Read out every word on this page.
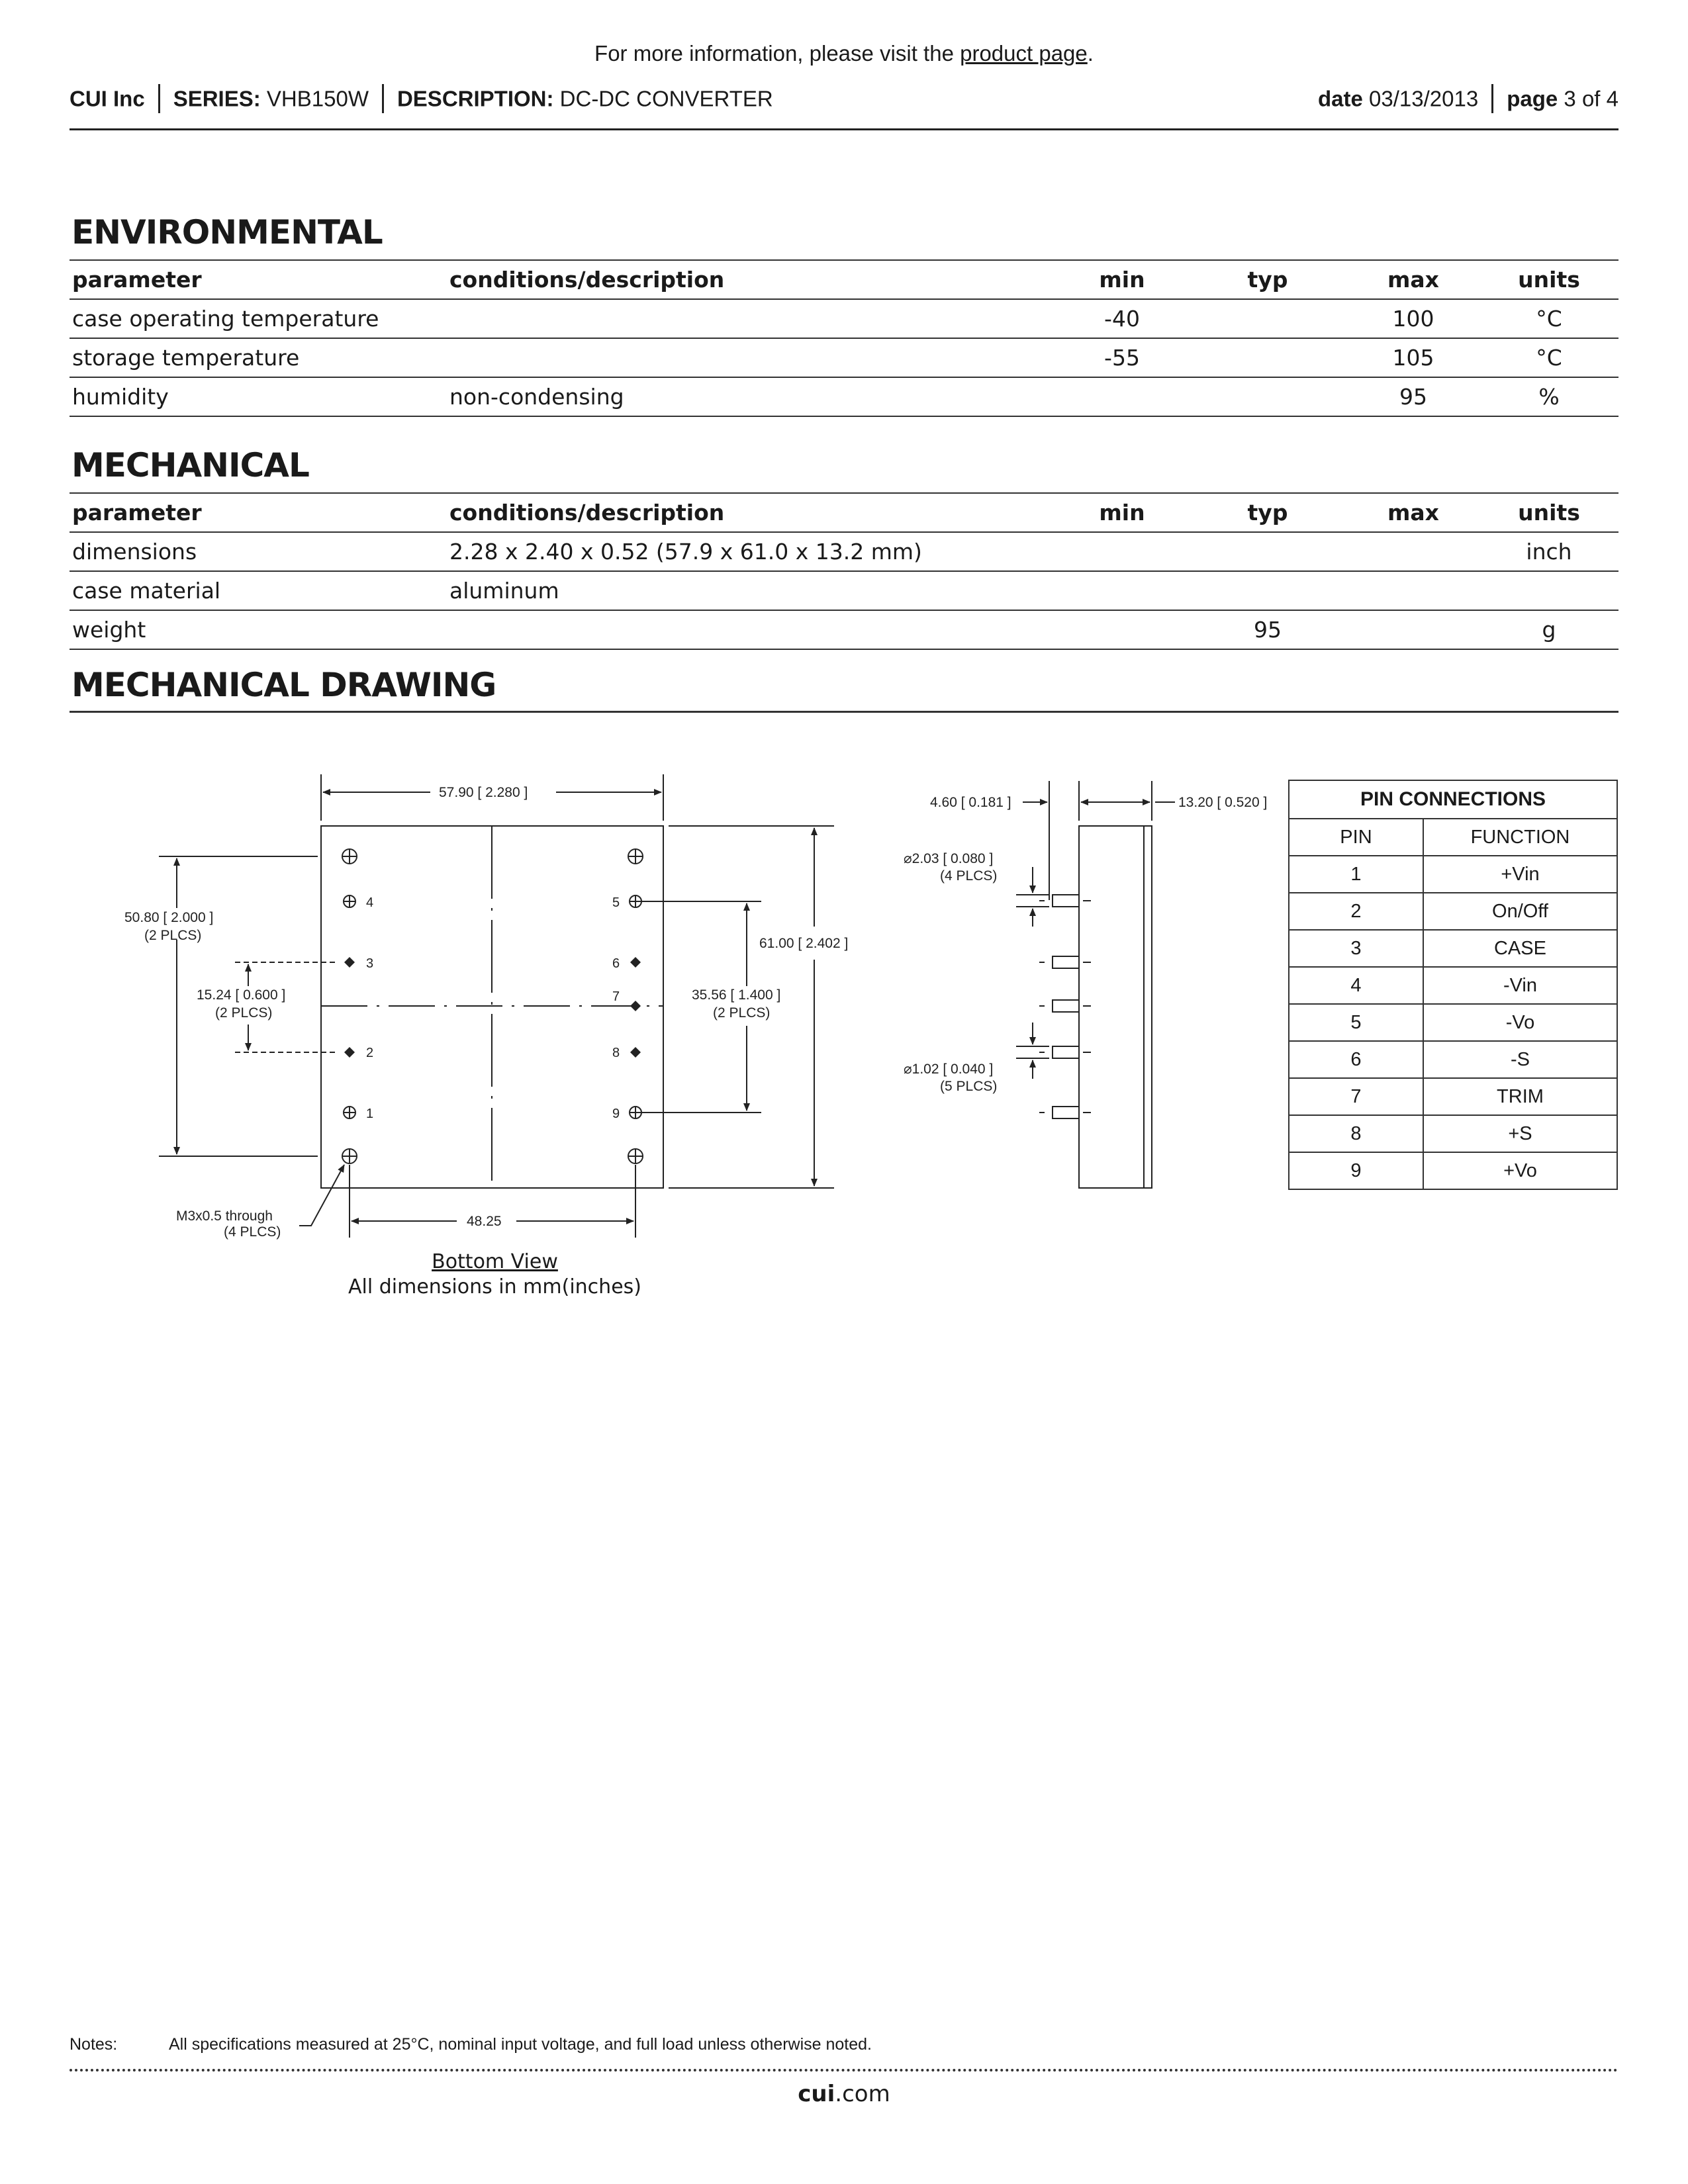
For more information, please visit the product page.
CUI Inc SERIES: VHB150W DESCRIPTION: DC-DC CONVERTER	date 03/13/2013 page 3 of 4
ENVIRONMENTAL
parameter	conditions/description	min	typ	max	units
case operating temperature		-40		100	°C
storage temperature		-55		105	°C
humidity	non-condensing			95	%
MECHANICAL
parameter	conditions/description	min	typ	max	units
dimensions	2.28 x 2.40 x 0.52 (57.9 x 61.0 x 13.2 mm)				inch
case material	aluminum				
weight			95		g
MECHANICAL DRAWING
1
2
3
4	5
6
7
8
9
57.90 [ 2.280 ]
50.80 [ 2.000 ]
(2 PLCS)
15.24 [ 0.600 ]
(2 PLCS)
61.00 [ 2.402 ]
35.56 [ 1.400 ]
(2 PLCS)
48.25
M3x0.5 through
(4 PLCS)
4.60 [ 0.181 ]	13.20 [ 0.520 ]
⌀2.03 [ 0.080 ]
(4 PLCS)
⌀1.02 [ 0.040 ]
(5 PLCS)
PIN CONNECTIONS	
PIN	FUNCTION
1	+Vin
2	On/Off
3	CASE
4	-Vin
5	-Vo
6	-S
7	TRIM
8	+S
9	+Vo
Bottom View
All dimensions in mm(inches)
Notes:	All specifications measured at 25°C, nominal input voltage, and full load unless otherwise noted.
cui.com
